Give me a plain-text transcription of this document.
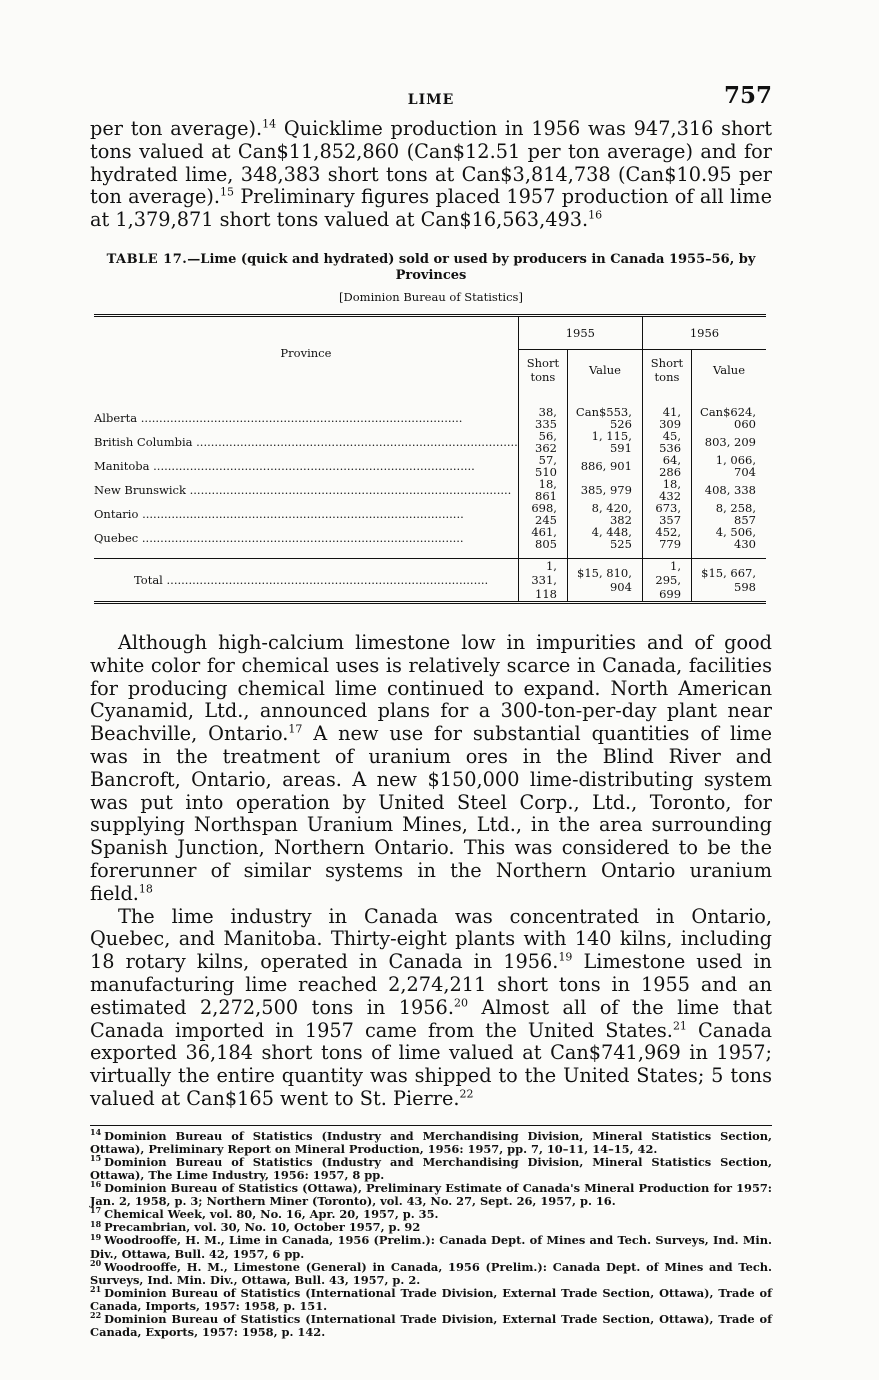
LIME	757

per ton average).$^{14}$ Quicklime production in 1956 was 947,316 short tons valued at Can$11,852,860 (Can$12.51 per ton average) and for hydrated lime, 348,383 short tons at Can$3,814,738 (Can$10.95 per ton average).$^{15}$ Preliminary figures placed 1957 production of all lime at 1,379,871 short tons valued at Can$16,563,493.16

TABLE 17.—Lime (quick and hydrated) sold or used by producers in Canada 1955–56, by Provinces
[Dominion Bureau of Statistics]
Province	1955		1956	
	Short tons	Value	Short tons	Value
Alberta .....	38, 335	Can$553, 526	41, 309	Can$624, 060
British Columbia .....	56, 362	1, 115, 591	45, 536	803, 209
Manitoba .....	57, 510	886, 901	64, 286	1, 066, 704
New Brunswick .....	18, 861	385, 979	18, 432	408, 338
Ontario .....	698, 245	8, 420, 382	673, 357	8, 258, 857
Quebec .....	461, 805	4, 448, 525	452, 779	4, 506, 430
Total .....	1, 331, 118	$15, 810, 904	1, 295, 699	$15, 667, 598

Although high-calcium limestone low in impurities and of good white color for chemical uses is relatively scarce in Canada, facilities for producing chemical lime continued to expand. North American Cyanamid, Ltd., announced plans for a 300-ton-per-day plant near Beachville, Ontario.$^{17}$ A new use for substantial quantities of lime was in the treatment of uranium ores in the Blind River and Bancroft, Ontario, areas. A new $150,000 lime-distributing system was put into operation by United Steel Corp., Ltd., Toronto, for supplying Northspan Uranium Mines, Ltd., in the area surrounding Spanish Junction, Northern Ontario. This was considered to be the forerunner of similar systems in the Northern Ontario uranium field.$^{18}$

The lime industry in Canada was concentrated in Ontario, Quebec, and Manitoba. Thirty-eight plants with 140 kilns, including 18 rotary kilns, operated in Canada in 1956.19 Limestone used in manufacturing lime reached 2,274,211 short tons in 1955 and an estimated 2,272,500 tons in 1956.20 Almost all of the lime that Canada imported in 1957 came from the United States.$^{21}$ Canada exported 36,184 short tons of lime valued at Can$741,969 in 1957; virtually the entire quantity was shipped to the United States; 5 tons valued at Can$165 went to St. Pierre.$^{22}$

$^{14}$ Dominion Bureau of Statistics (Industry and Merchandising Division, Mineral Statistics Section, Ottawa), Preliminary Report on Mineral Production, 1956: 1957, pp. 7, 10–11, 14–15, 42.

$^{15}$ Dominion Bureau of Statistics (Industry and Merchandising Division, Mineral Statistics Section, Ottawa), The Lime Industry, 1956: 1957, 8 pp.

$^{16}$ Dominion Bureau of Statistics (Ottawa), Preliminary Estimate of Canada's Mineral Production for 1957: Jan. 2, 1958, p. 3; Northern Miner (Toronto), vol. 43, No. 27, Sept. 26, 1957, p. 16.

$^{17}$ Chemical Week, vol. 80, No. 16, Apr. 20, 1957, p. 35.

$^{18}$ Precambrian, vol. 30, No. 10, October 1957, p. 92

$^{19}$ Woodrooffe, H. M., Lime in Canada, 1956 (Prelim.): Canada Dept. of Mines and Tech. Surveys, Ind. Min. Div., Ottawa, Bull. 42, 1957, 6 pp.

$^{20}$ Woodrooffe, H. M., Limestone (General) in Canada, 1956 (Prelim.): Canada Dept. of Mines and Tech. Surveys, Ind. Min. Div., Ottawa, Bull. 43, 1957, p. 2.

$^{21}$ Dominion Bureau of Statistics (International Trade Division, External Trade Section, Ottawa), Trade of Canada, Imports, 1957: 1958, p. 151.

$^{22}$ Dominion Bureau of Statistics (International Trade Division, External Trade Section, Ottawa), Trade of Canada, Exports, 1957: 1958, p. 142.
